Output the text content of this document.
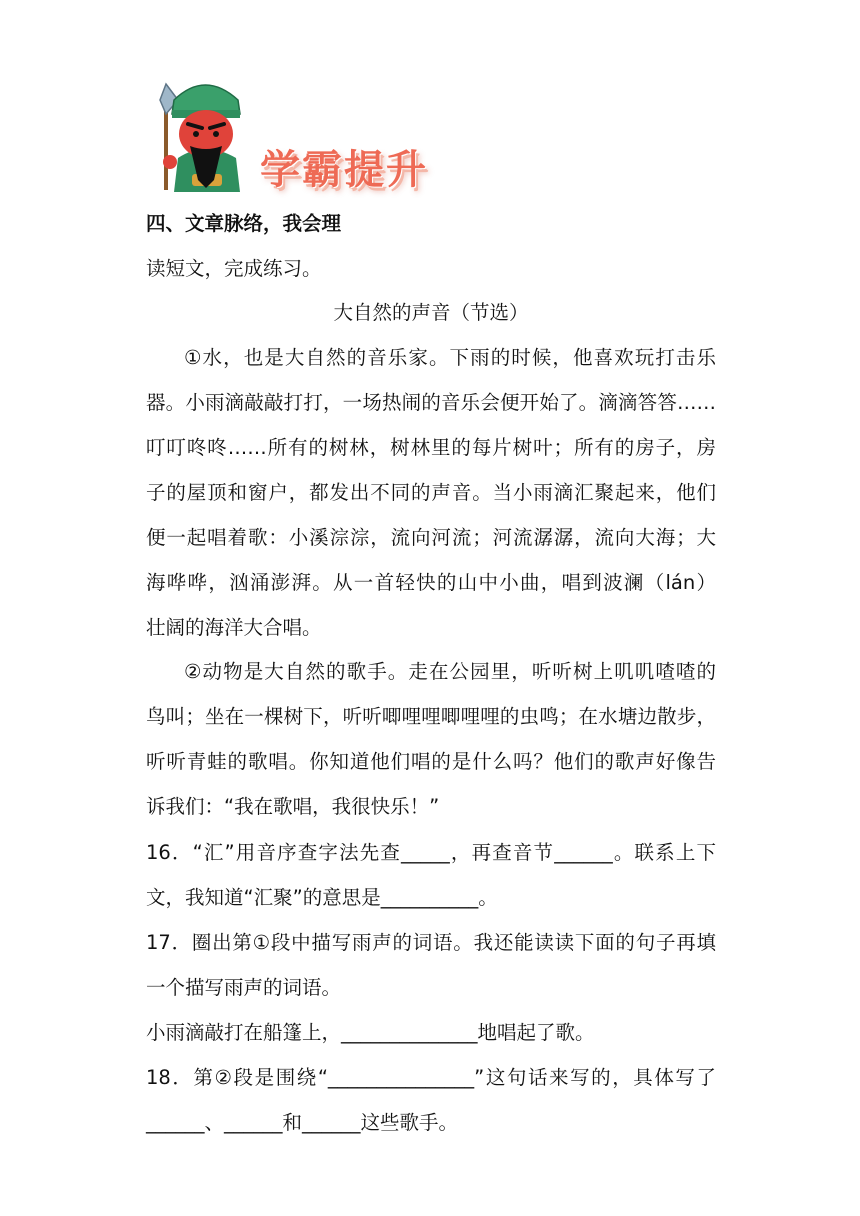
学霸提升
四、文章脉络，我会理
读短文，完成练习。
大自然的声音（节选）
①水，也是大自然的音乐家。下雨的时候，他喜欢玩打击乐
器。小雨滴敲敲打打，一场热闹的音乐会便开始了。滴滴答答……
叮叮咚咚……所有的树林，树林里的每片树叶；所有的房子，房
子的屋顶和窗户，都发出不同的声音。当小雨滴汇聚起来，他们
便一起唱着歌：小溪淙淙，流向河流；河流潺潺，流向大海；大
海哗哗，汹涌澎湃。从一首轻快的山中小曲，唱到波澜（lán）
壮阔的海洋大合唱。
②动物是大自然的歌手。走在公园里，听听树上叽叽喳喳的
鸟叫；坐在一棵树下，听听唧哩哩唧哩哩的虫鸣；在水塘边散步，
听听青蛙的歌唱。你知道他们唱的是什么吗？他们的歌声好像告
诉我们：“我在歌唱，我很快乐！”
16．“汇”用音序查字法先查_____，再查音节______。联系上下
文，我知道“汇聚”的意思是__________。
17．圈出第①段中描写雨声的词语。我还能读读下面的句子再填
一个描写雨声的词语。
小雨滴敲打在船篷上，______________地唱起了歌。
18．第②段是围绕“_______________”这句话来写的，具体写了
______、______和______这些歌手。
